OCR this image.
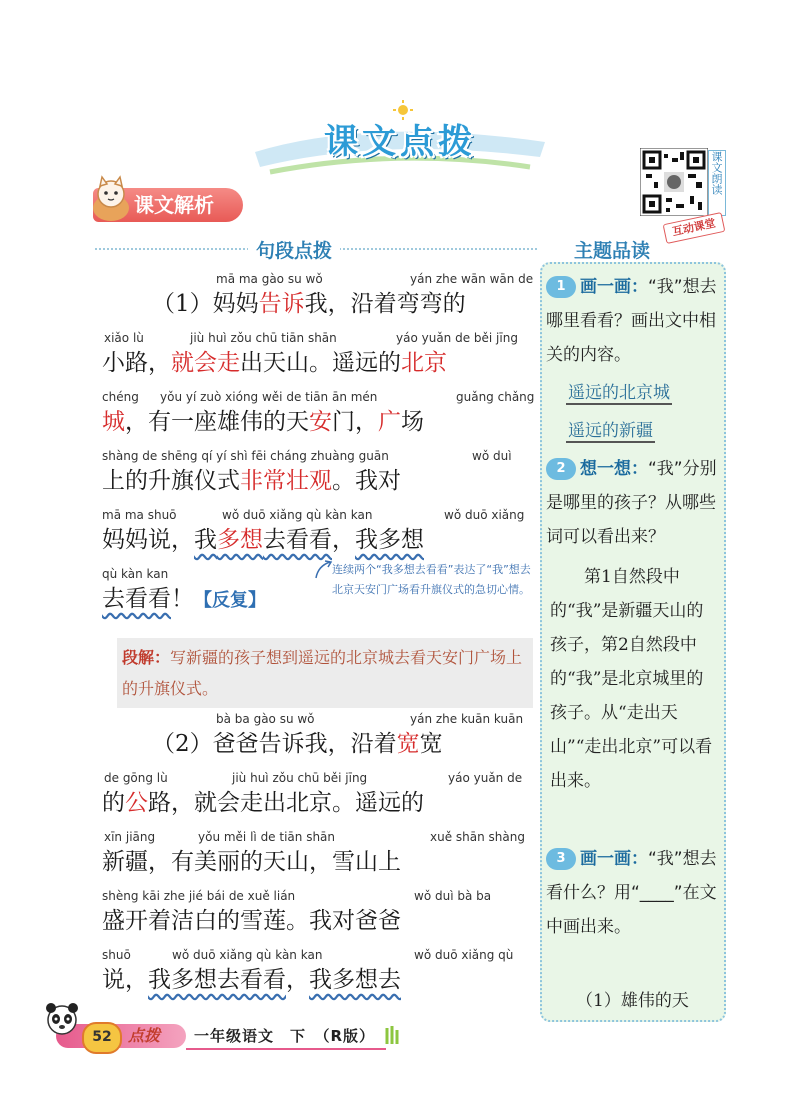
课文点拨
课文朗读
课文解析
句段点拨	主题品读
互动课堂
1 画一画：“我”想去哪里看看？画出文中相关的内容。
遥远的北京城
遥远的新疆
2 想一想：“我”分别是哪里的孩子？从哪些词可以看出来？
第1自然段中的“我”是新疆天山的孩子，第2自然段中的“我”是北京城里的孩子。从“走出天山”“走出北京”可以看出来。
3 画一画：“我”想去看什么？用“____”在文中画出来。
（1）雄伟的天
mā ma gào su wǒ	yán zhe wān wān de
（1）妈妈告诉我，沿着弯弯的
xiǎo lù	jiù huì zǒu chū tiān shān	yáo yuǎn de běi jīng
小路，就会走出天山。遥远的北京
chéng yǒu yí zuò xióng wěi de tiān ān mén	guǎng chǎng
城，有一座雄伟的天安门，广场
shàng de shēng qí yí shì fēi cháng zhuàng guān	wǒ duì
上的升旗仪式非常壮观。我对
mā ma shuō	wǒ duō xiǎng qù kàn kan	wǒ duō xiǎng
妈妈说，我多想去看看，我多想
qù kàn kan
去看看！【反复】
连续两个“我多想去看看”表达了“我”想去北京天安门广场看升旗仪式的急切心情。
段解：写新疆的孩子想到遥远的北京城去看天安门广场上的升旗仪式。
bà ba gào su wǒ	yán zhe kuān kuān
（2）爸爸告诉我，沿着宽宽
de gōng lù	jiù huì zǒu chū běi jīng	yáo yuǎn de
的公路，就会走出北京。遥远的
xīn jiāng	yǒu měi lì de tiān shān	xuě shān shàng
新疆，有美丽的天山，雪山上
shèng kāi zhe jié bái de xuě lián	wǒ duì bà ba
盛开着洁白的雪莲。我对爸爸
shuō	wǒ duō xiǎng qù kàn kan	wǒ duō xiǎng qù
说，我多想去看看，我多想去
52	点拨 一年级语文　下　（R版）
